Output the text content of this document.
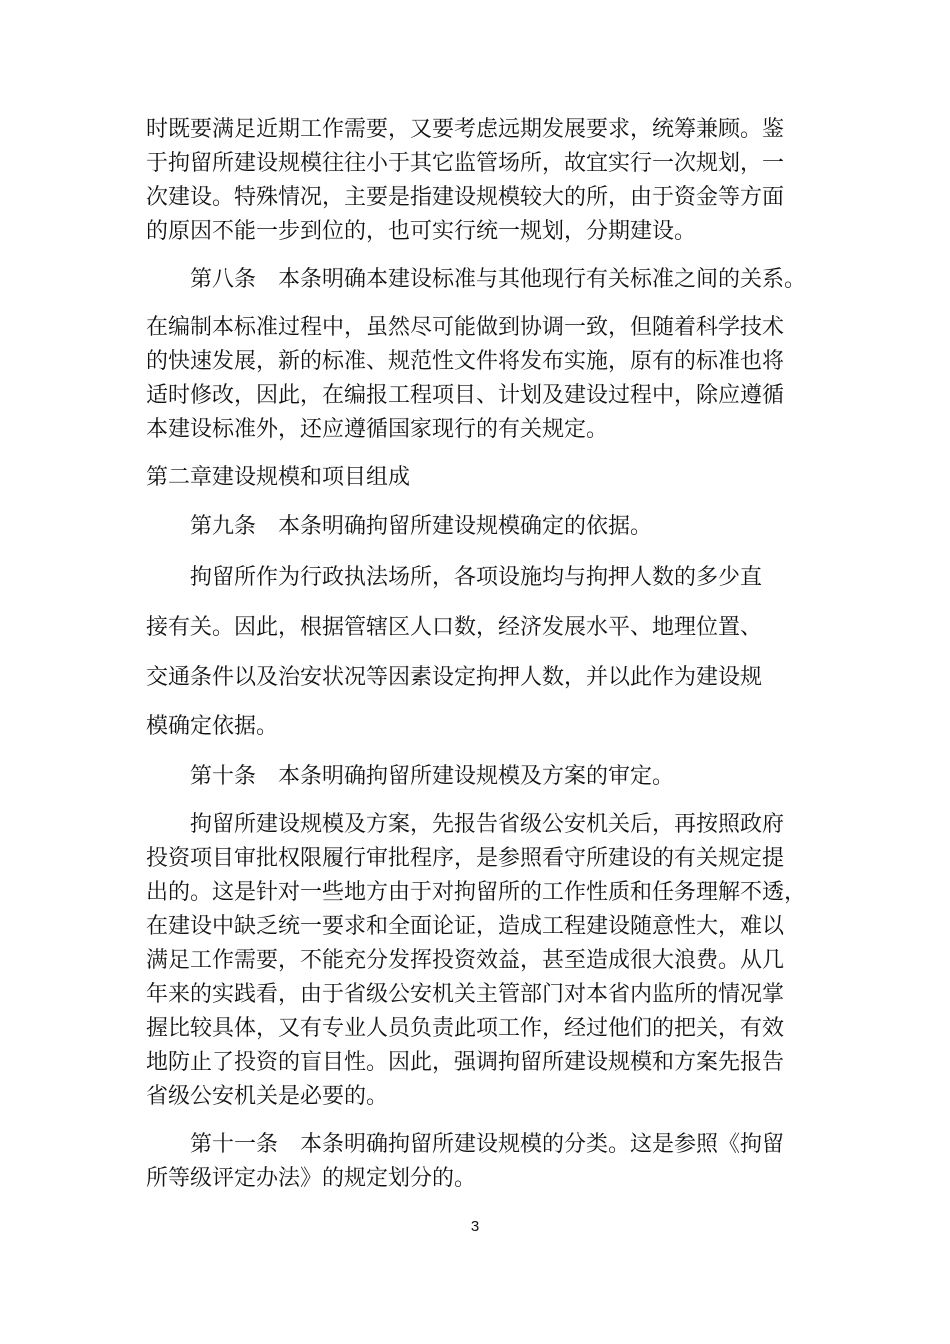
时既要满足近期工作需要，又要考虑远期发展要求，统筹兼顾。鉴
于拘留所建设规模往往小于其它监管场所，故宜实行一次规划，一
次建设。特殊情况，主要是指建设规模较大的所，由于资金等方面
的原因不能一步到位的，也可实行统一规划，分期建设。
第八条　本条明确本建设标准与其他现行有关标准之间的关系。
在编制本标准过程中，虽然尽可能做到协调一致，但随着科学技术
的快速发展，新的标准、规范性文件将发布实施，原有的标准也将
适时修改，因此，在编报工程项目、计划及建设过程中，除应遵循
本建设标准外，还应遵循国家现行的有关规定。
第二章建设规模和项目组成
第九条　本条明确拘留所建设规模确定的依据。
拘留所作为行政执法场所，各项设施均与拘押人数的多少直
接有关。因此，根据管辖区人口数，经济发展水平、地理位置、
交通条件以及治安状况等因素设定拘押人数，并以此作为建设规
模确定依据。
第十条　本条明确拘留所建设规模及方案的审定。
拘留所建设规模及方案，先报告省级公安机关后，再按照政府
投资项目审批权限履行审批程序，是参照看守所建设的有关规定提
出的。这是针对一些地方由于对拘留所的工作性质和任务理解不透，
在建设中缺乏统一要求和全面论证，造成工程建设随意性大，难以
满足工作需要，不能充分发挥投资效益，甚至造成很大浪费。从几
年来的实践看，由于省级公安机关主管部门对本省内监所的情况掌
握比较具体，又有专业人员负责此项工作，经过他们的把关，有效
地防止了投资的盲目性。因此，强调拘留所建设规模和方案先报告
省级公安机关是必要的。
第十一条　本条明确拘留所建设规模的分类。这是参照《拘留
所等级评定办法》的规定划分的。
3
